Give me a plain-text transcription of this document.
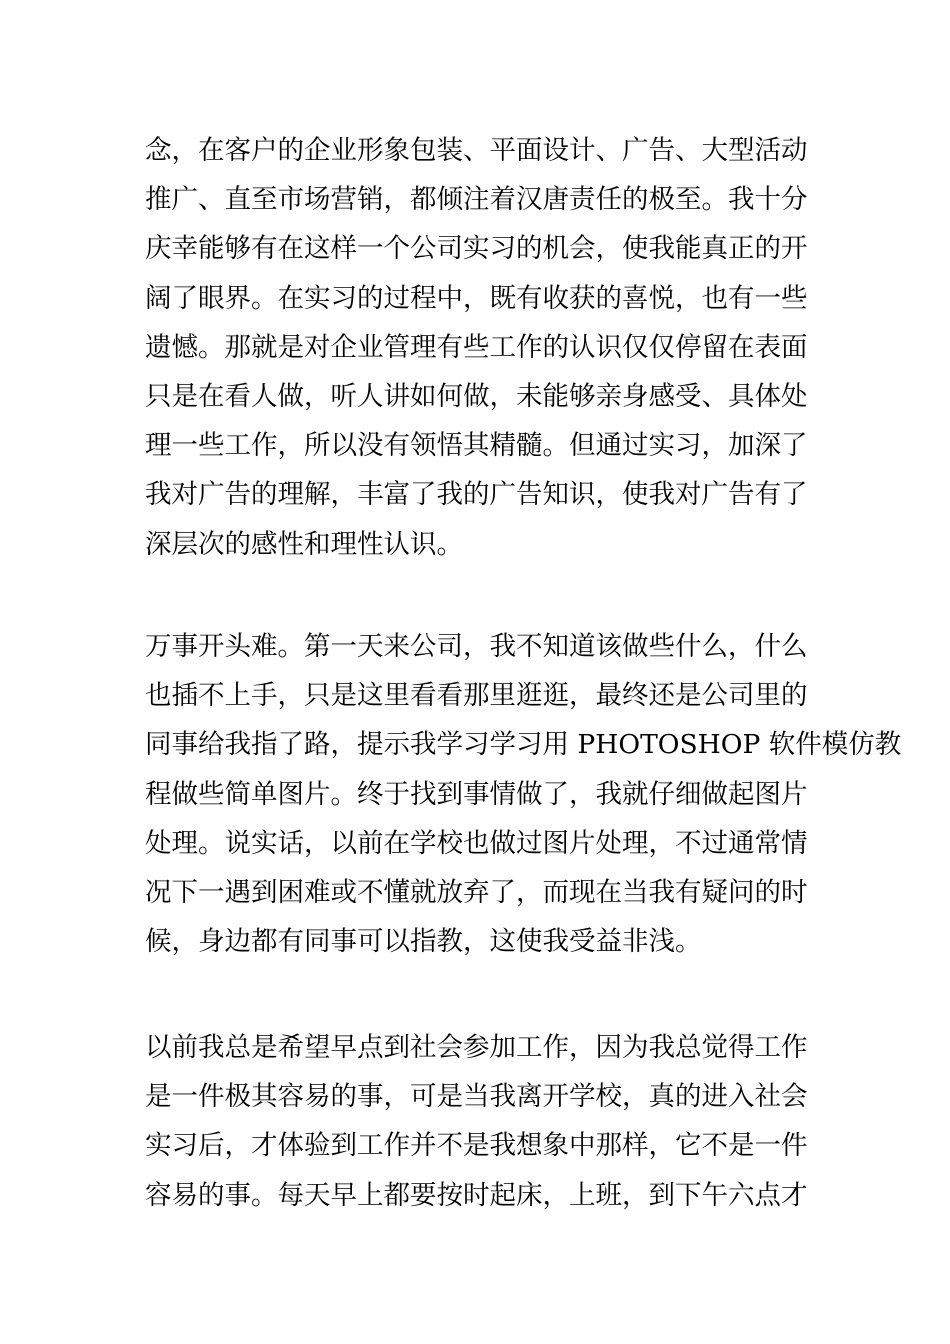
念，在客户的企业形象包装、平面设计、广告、大型活动
推广、直至市场营销，都倾注着汉唐责任的极至。我十分
庆幸能够有在这样一个公司实习的机会，使我能真正的开
阔了眼界。在实习的过程中，既有收获的喜悦，也有一些
遗憾。那就是对企业管理有些工作的认识仅仅停留在表面
只是在看人做，听人讲如何做，未能够亲身感受、具体处
理一些工作，所以没有领悟其精髓。但通过实习，加深了
我对广告的理解，丰富了我的广告知识，使我对广告有了
深层次的感性和理性认识。
万事开头难。第一天来公司，我不知道该做些什么，什么
也插不上手，只是这里看看那里逛逛，最终还是公司里的
同事给我指了路，提示我学习学习用 PHOTOSHOP 软件模仿教
程做些简单图片。终于找到事情做了，我就仔细做起图片
处理。说实话，以前在学校也做过图片处理，不过通常情
况下一遇到困难或不懂就放弃了，而现在当我有疑问的时
候，身边都有同事可以指教，这使我受益非浅。
以前我总是希望早点到社会参加工作，因为我总觉得工作
是一件极其容易的事，可是当我离开学校，真的进入社会
实习后，才体验到工作并不是我想象中那样，它不是一件
容易的事。每天早上都要按时起床，上班，到下午六点才
